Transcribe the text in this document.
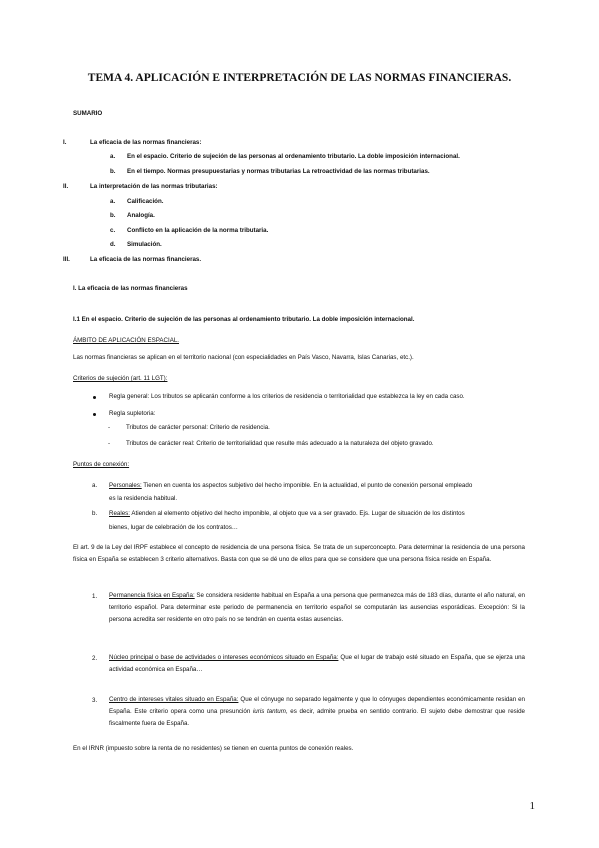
TEMA 4. APLICACIÓN E INTERPRETACIÓN DE LAS NORMAS FINANCIERAS.
SUMARIO
I.	La eficacia de las normas financieras:
a. En el espacio. Criterio de sujeción de las personas al ordenamiento tributario. La doble imposición internacional.
b. En el tiempo. Normas presupuestarias y normas tributarias La retroactividad de las normas tributarias.
II.	La interpretación de las normas tributarias:
a. Calificación.
b. Analogía.
c. Conflicto en la aplicación de la norma tributaria.
d. Simulación.
III.	La eficacia de las normas financieras.
I. La eficacia de las normas financieras
I.1 En el espacio. Criterio de sujeción de las personas al ordenamiento tributario. La doble imposición internacional.
ÁMBITO DE APLICACIÓN ESPACIAL.
Las normas financieras se aplican en el territorio nacional (con especialidades en País Vasco, Navarra, Islas Canarias, etc.).
Criterios de sujeción (art. 11 LGT):
Regla general: Los tributos se aplicarán conforme a los criterios de residencia o territorialidad que establezca la ley en cada caso.
Regla supletoria:
-	Tributos de carácter personal: Criterio de residencia.
-	Tributos de carácter real: Criterio de territorialidad que resulte más adecuado a la naturaleza del objeto gravado.
Puntos de conexión:
a. Personales: Tienen en cuenta los aspectos subjetivo del hecho imponible. En la actualidad, el punto de conexión personal empleado
es la residencia habitual.
b. Reales: Atienden al elemento objetivo del hecho imponible, al objeto que va a ser gravado. Ejs. Lugar de situación de los distintos
bienes, lugar de celebración de los contratos…
El art. 9 de la Ley del IRPF establece el concepto de residencia de una persona física. Se trata de un superconcepto. Para determinar la residencia de una persona física en España se establecen 3 criterio alternativos. Basta con que se dé uno de ellos para que se considere que una persona física reside en España.
1. Permanencia física en España: Se considera residente habitual en España a una persona que permanezca más de 183 días, durante el año natural, en territorio español. Para determinar este periodo de permanencia en territorio español se computarán las ausencias esporádicas. Excepción: Si la persona acredita ser residente en otro país no se tendrán en cuenta estas ausencias.
2. Núcleo principal o base de actividades o intereses económicos situado en España: Que el lugar de trabajo esté situado en España, que se ejerza una actividad económica en España…
3. Centro de intereses vitales situado en España: Que el cónyuge no separado legalmente y que lo cónyuges dependientes económicamente residan en España. Este criterio opera como una presunción iuris tantum, es decir, admite prueba en sentido contrario. El sujeto debe demostrar que reside fiscalmente fuera de España.
En el IRNR (impuesto sobre la renta de no residentes) se tienen en cuenta puntos de conexión reales.
1
